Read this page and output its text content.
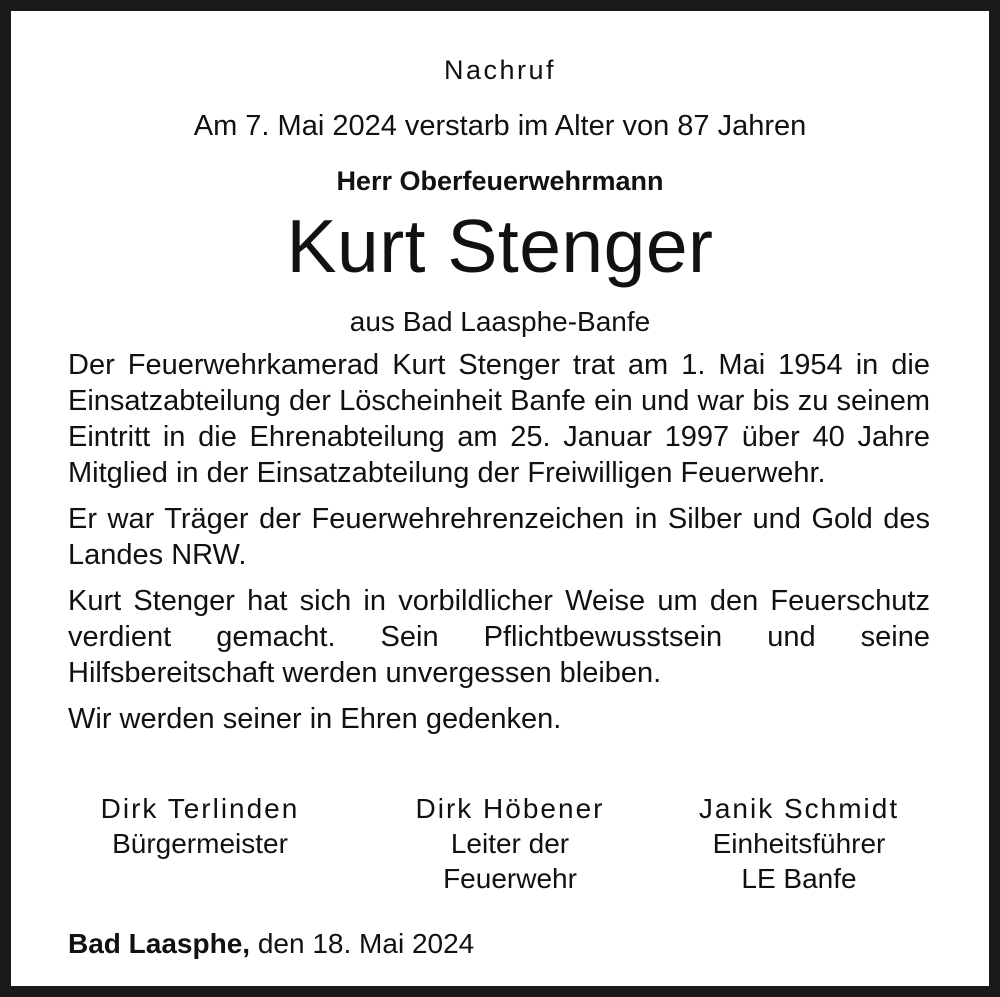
Nachruf
Am 7. Mai 2024 verstarb im Alter von 87 Jahren
Herr Oberfeuerwehrmann
Kurt Stenger
aus Bad Laasphe-Banfe

Der Feuerwehrkamerad Kurt Stenger trat am 1. Mai 1954 in die Einsatzabteilung der Löscheinheit Banfe ein und war bis zu seinem Eintritt in die Ehrenabteilung am 25. Januar 1997 über 40 Jahre Mitglied in der Einsatzabteilung der Freiwilligen Feuerwehr.

Er war Träger der Feuerwehrehrenzeichen in Silber und Gold des Landes NRW.

Kurt Stenger hat sich in vorbildlicher Weise um den Feuerschutz verdient gemacht. Sein Pflichtbewusstsein und seine Hilfsbereitschaft werden unvergessen bleiben.

Wir werden seiner in Ehren gedenken.

Dirk Terlinden
Bürgermeister
Dirk Höbener
Leiter der
Feuerwehr
Janik Schmidt
Einheitsführer
LE Banfe
Bad Laasphe, den 18. Mai 2024
